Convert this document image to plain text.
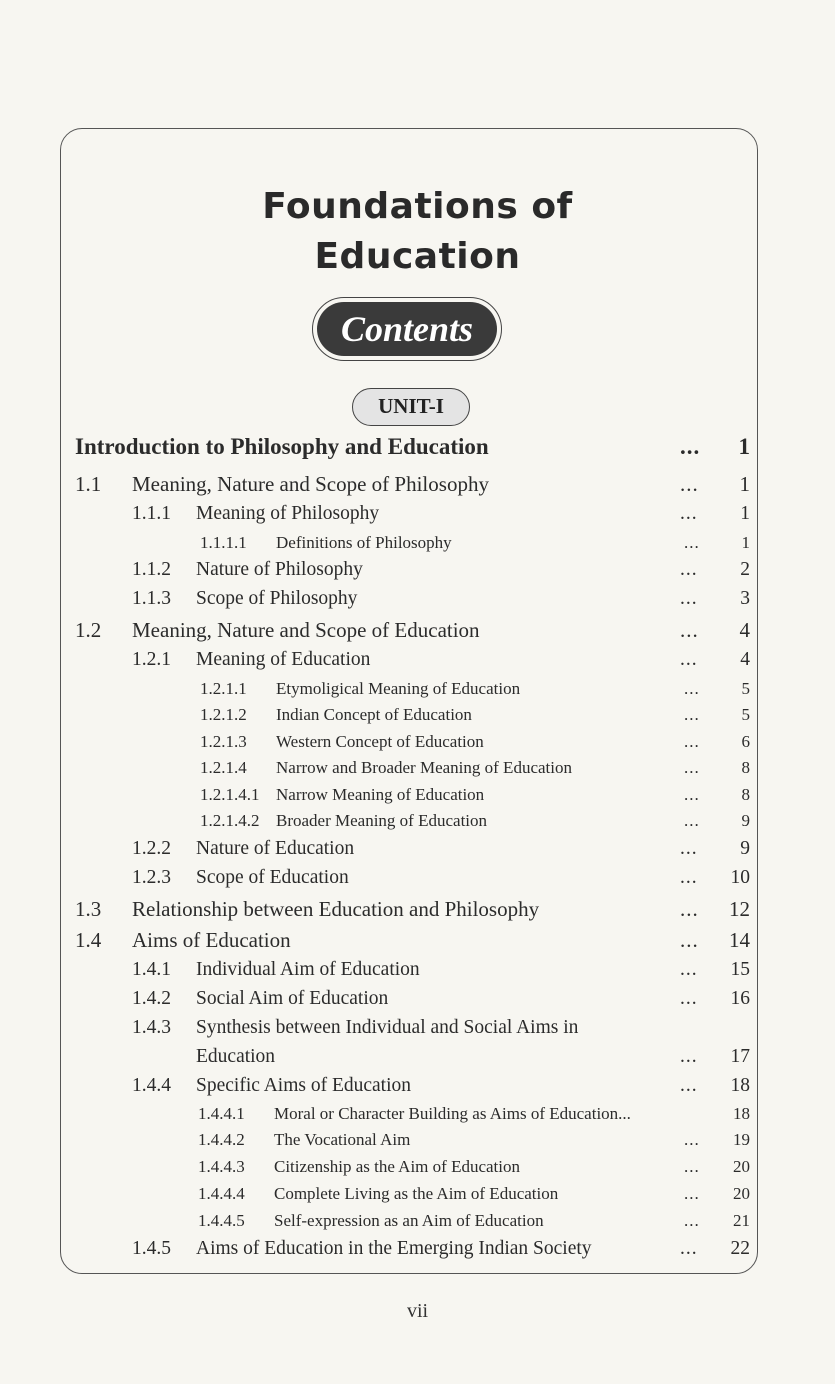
Foundations of
Education
Contents
UNIT-I
Introduction to Philosophy and Education	... 1
1.1 Meaning, Nature and Scope of Philosophy	... 1
1.1.1 Meaning of Philosophy	... 1
1.1.1.1 Definitions of Philosophy	... 1
1.1.2 Nature of Philosophy	... 2
1.1.3 Scope of Philosophy	... 3
1.2 Meaning, Nature and Scope of Education	... 4
1.2.1 Meaning of Education	... 4
1.2.1.1 Etymoligical Meaning of Education	... 5
1.2.1.2 Indian Concept of Education	... 5
1.2.1.3 Western Concept of Education	... 6
1.2.1.4 Narrow and Broader Meaning of Education	... 8
1.2.1.4.1 Narrow Meaning of Education	... 8
1.2.1.4.2 Broader Meaning of Education	... 9
1.2.2 Nature of Education	... 9
1.2.3 Scope of Education	... 10
1.3 Relationship between Education and Philosophy	... 12
1.4 Aims of Education	... 14
1.4.1 Individual Aim of Education	... 15
1.4.2 Social Aim of Education	... 16
1.4.3 Synthesis between Individual and Social Aims in
Education	... 17
1.4.4 Specific Aims of Education	... 18
1.4.4.1 Moral or Character Building as Aims of Education...	18
1.4.4.2 The Vocational Aim	... 19
1.4.4.3 Citizenship as the Aim of Education	... 20
1.4.4.4 Complete Living as the Aim of Education	... 20
1.4.4.5 Self-expression as an Aim of Education	... 21
1.4.5 Aims of Education in the Emerging Indian Society	... 22
vii
